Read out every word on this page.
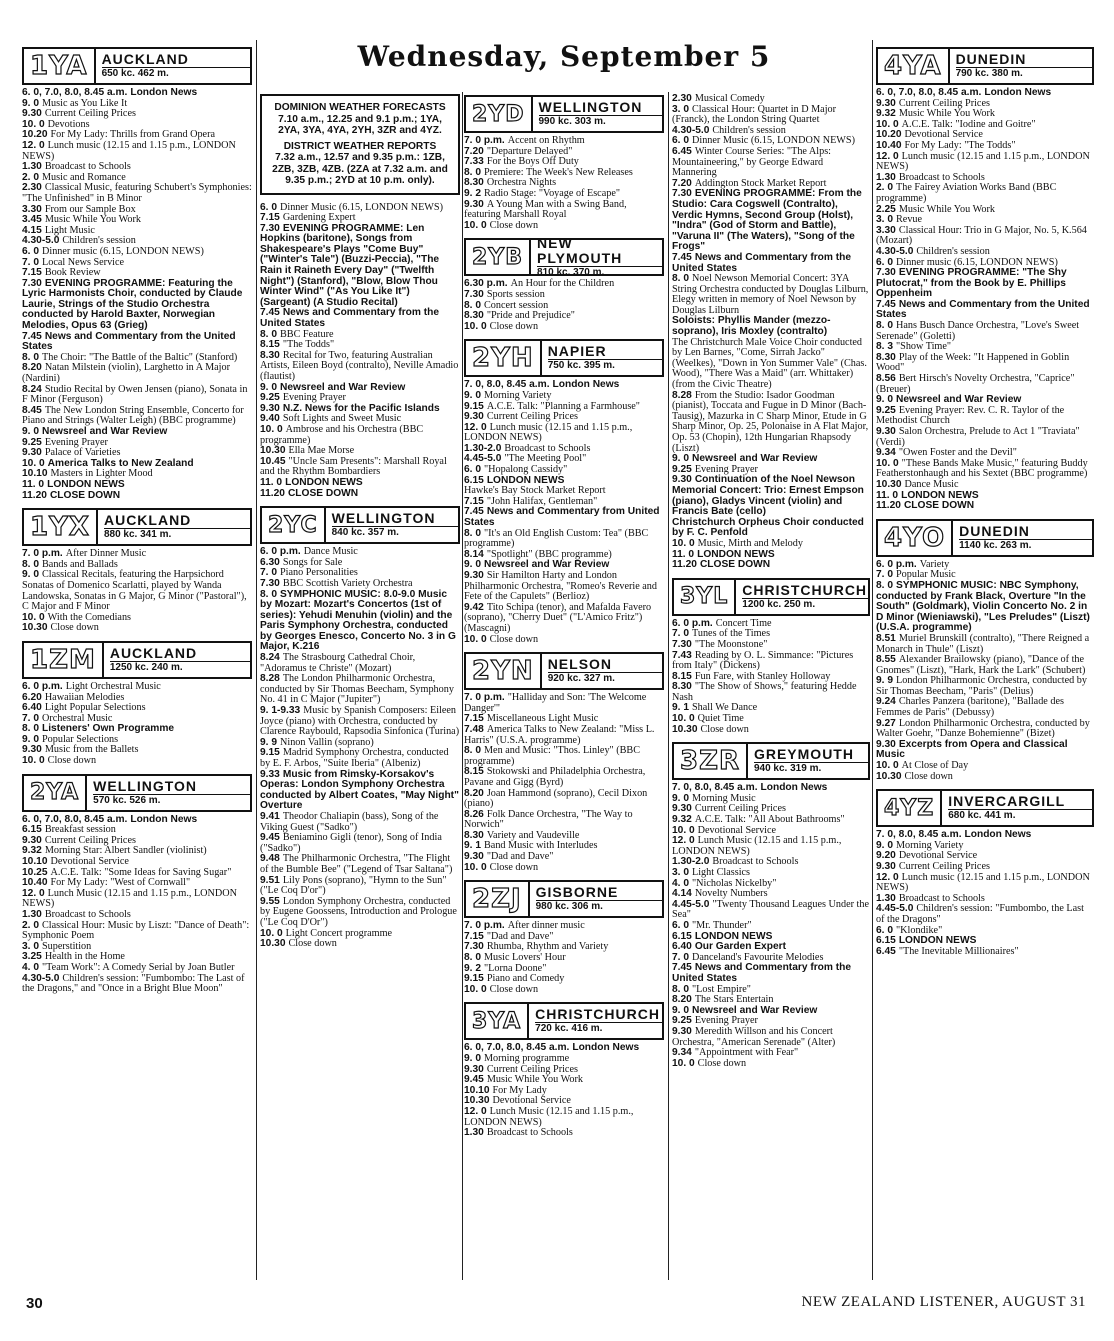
Wednesday, September 5
1YA	AUCKLAND
650 kc. 462 m.

6. 0, 7.0, 8.0, 8.45 a.m. London News

9. 0 Music as You Like It

9.30 Current Ceiling Prices

10. 0 Devotions

10.20 For My Lady: Thrills from Grand Opera

12. 0 Lunch music (12.15 and 1.15 p.m., LONDON NEWS)

1.30 Broadcast to Schools

2. 0 Music and Romance

2.30 Classical Music, featuring Schubert's Symphonies: "The Unfinished" in B Minor

3.30 From our Sample Box

3.45 Music While You Work

4.15 Light Music

4.30-5.0 Children's session

6. 0 Dinner music (6.15, LONDON NEWS)

7. 0 Local News Service

7.15 Book Review

7.30 EVENING PROGRAMME: Featuring the Lyric Harmonists Choir, conducted by Claude Laurie, Strings of the Studio Orchestra conducted by Harold Baxter, Norwegian Melodies, Opus 63 (Grieg)

7.45 News and Commentary from the United States

8. 0 The Choir: "The Battle of the Baltic" (Stanford)

8.20 Natan Milstein (violin), Larghetto in A Major (Nardini)

8.24 Studio Recital by Owen Jensen (piano), Sonata in F Minor (Ferguson)

8.45 The New London String Ensemble, Concerto for Piano and Strings (Walter Leigh) (BBC programme)

9. 0 Newsreel and War Review

9.25 Evening Prayer

9.30 Palace of Varieties

10. 0 America Talks to New Zealand

10.10 Masters in Lighter Mood

11. 0 LONDON NEWS

11.20 CLOSE DOWN

1YX	AUCKLAND
880 kc. 341 m.

7. 0 p.m. After Dinner Music

8. 0 Bands and Ballads

9. 0 Classical Recitals, featuring the Harpsichord Sonatas of Domenico Scarlatti, played by Wanda Landowska, Sonatas in G Major, G Minor ("Pastoral"), C Major and F Minor

10. 0 With the Comedians

10.30 Close down

1ZM	AUCKLAND
1250 kc. 240 m.

6. 0 p.m. Light Orchestral Music

6.20 Hawaiian Melodies

6.40 Light Popular Selections

7. 0 Orchestral Music

8. 0 Listeners' Own Programme

9. 0 Popular Selections

9.30 Music from the Ballets

10. 0 Close down

2YA	WELLINGTON
570 kc. 526 m.

6. 0, 7.0, 8.0, 8.45 a.m. London News

6.15 Breakfast session

9.30 Current Ceiling Prices

9.32 Morning Star: Albert Sandler (violinist)

10.10 Devotional Service

10.25 A.C.E. Talk: "Some Ideas for Saving Sugar"

10.40 For My Lady: "West of Cornwall"

12. 0 Lunch Music (12.15 and 1.15 p.m., LONDON NEWS)

1.30 Broadcast to Schools

2. 0 Classical Hour: Music by Liszt: "Dance of Death": Symphonic Poem

3. 0 Superstition

3.25 Health in the Home

4. 0 "Team Work": A Comedy Serial by Joan Butler

4.30-5.0 Children's session: "Fumbombo: The Last of the Dragons," and "Once in a Bright Blue Moon"

DOMINION WEATHER FORECASTS

7.10 a.m., 12.25 and 9.1 p.m.; 1YA, 2YA, 3YA, 4YA, 2YH, 3ZR and 4YZ.

DISTRICT WEATHER REPORTS

7.32 a.m., 12.57 and 9.35 p.m.: 1ZB, 2ZB, 3ZB, 4ZB. (2ZA at 7.32 a.m. and 9.35 p.m.; 2YD at 10 p.m. only).

6. 0 Dinner Music (6.15, LONDON NEWS)

7.15 Gardening Expert

7.30 EVENING PROGRAMME: Len Hopkins (baritone), Songs from Shakespeare's Plays "Come Buy" ("Winter's Tale") (Buzzi-Peccia), "The Rain it Raineth Every Day" ("Twelfth Night") (Stanford), "Blow, Blow Thou Winter Wind" ("As You Like It") (Sargeant) (A Studio Recital)

7.45 News and Commentary from the United States

8. 0 BBC Feature

8.15 "The Todds"

8.30 Recital for Two, featuring Australian Artists, Eileen Boyd (contralto), Neville Amadio (flautist)

9. 0 Newsreel and War Review

9.25 Evening Prayer

9.30 N.Z. News for the Pacific Islands

9.40 Soft Lights and Sweet Music

10. 0 Ambrose and his Orchestra (BBC programme)

10.30 Ella Mae Morse

10.45 "Uncle Sam Presents": Marshall Royal and the Rhythm Bombardiers

11. 0 LONDON NEWS

11.20 CLOSE DOWN

2YC	WELLINGTON
840 kc. 357 m.

6. 0 p.m. Dance Music

6.30 Songs for Sale

7. 0 Piano Personalities

7.30 BBC Scottish Variety Orchestra

8. 0 SYMPHONIC MUSIC: 8.0-9.0 Music by Mozart: Mozart's Concertos (1st of series): Yehudi Menuhin (violin) and the Paris Symphony Orchestra, conducted by Georges Enesco, Concerto No. 3 in G Major, K.216

8.24 The Strasbourg Cathedral Choir, "Adoramus te Christe" (Mozart)

8.28 The London Philharmonic Orchestra, conducted by Sir Thomas Beecham, Symphony No. 41 in C Major ("Jupiter")

9. 1-9.33 Music by Spanish Composers: Eileen Joyce (piano) with Orchestra, conducted by Clarence Raybould, Rapsodia Sinfonica (Turina)

9. 9 Ninon Vallin (soprano)

9.15 Madrid Symphony Orchestra, conducted by E. F. Arbos, "Suite Iberia" (Albeniz)

9.33 Music from Rimsky-Korsakov's Operas: London Symphony Orchestra conducted by Albert Coates, "May Night" Overture

9.41 Theodor Chaliapin (bass), Song of the Viking Guest ("Sadko")

9.45 Beniamino Gigli (tenor), Song of India ("Sadko")

9.48 The Philharmonic Orchestra, "The Flight of the Bumble Bee" ("Legend of Tsar Saltana")

9.51 Lily Pons (soprano), "Hymn to the Sun" ("Le Coq D'or")

9.55 London Symphony Orchestra, conducted by Eugene Goossens, Introduction and Prologue ("Le Coq D'Or")

10. 0 Light Concert programme

10.30 Close down

2YD	WELLINGTON
990 kc. 303 m.

7. 0 p.m. Accent on Rhythm

7.20 "Departure Delayed"

7.33 For the Boys Off Duty

8. 0 Premiere: The Week's New Releases

8.30 Orchestra Nights

9. 2 Radio Stage: "Voyage of Escape"

9.30 A Young Man with a Swing Band, featuring Marshall Royal

10. 0 Close down

2YB
NEW PLYMOUTH
810 kc. 370 m.

6.30 p.m. An Hour for the Children

7.30 Sports session

8. 0 Concert session

8.30 "Pride and Prejudice"

10. 0 Close down

2YH	NAPIER
750 kc. 395 m.

7. 0, 8.0, 8.45 a.m. London News

9. 0 Morning Variety

9.15 A.C.E. Talk: "Planning a Farmhouse"

9.30 Current Ceiling Prices

12. 0 Lunch music (12.15 and 1.15 p.m., LONDON NEWS)

1.30-2.0 Broadcast to Schools

4.45-5.0 "The Meeting Pool"

6. 0 "Hopalong Cassidy"

6.15 LONDON NEWS

Hawke's Bay Stock Market Report

7.15 "John Halifax, Gentleman"

7.45 News and Commentary from United States

8. 0 "It's an Old English Custom: Tea" (BBC programme)

8.14 "Spotlight" (BBC programme)

9. 0 Newsreel and War Review

9.30 Sir Hamilton Harty and London Philharmonic Orchestra, "Romeo's Reverie and Fete of the Capulets" (Berlioz)

9.42 Tito Schipa (tenor), and Mafalda Favero (soprano), "Cherry Duet" ("L'Amico Fritz") (Mascagni)

10. 0 Close down

2YN	NELSON
920 kc. 327 m.

7. 0 p.m. "Halliday and Son: 'The Welcome Danger'"

7.15 Miscellaneous Light Music

7.48 America Talks to New Zealand: "Miss L. Harris" (U.S.A. programme)

8. 0 Men and Music: "Thos. Linley" (BBC programme)

8.15 Stokowski and Philadelphia Orchestra, Pavane and Gigg (Byrd)

8.20 Joan Hammond (soprano), Cecil Dixon (piano)

8.26 Folk Dance Orchestra, "The Way to Norwich"

8.30 Variety and Vaudeville

9. 1 Band Music with Interludes

9.30 "Dad and Dave"

10. 0 Close down

2ZJ	GISBORNE
980 kc. 306 m.

7. 0 p.m. After dinner music

7.15 "Dad and Dave"

7.30 Rhumba, Rhythm and Variety

8. 0 Music Lovers' Hour

9. 2 "Lorna Doone"

9.15 Piano and Comedy

10. 0 Close down

3YA	CHRISTCHURCH
720 kc. 416 m.

6. 0, 7.0, 8.0, 8.45 a.m. London News

9. 0 Morning programme

9.30 Current Ceiling Prices

9.45 Music While You Work

10.10 For My Lady

10.30 Devotional Service

12. 0 Lunch Music (12.15 and 1.15 p.m., LONDON NEWS)

1.30 Broadcast to Schools

2.30 Musical Comedy

3. 0 Classical Hour: Quartet in D Major (Franck), the London String Quartet

4.30-5.0 Children's session

6. 0 Dinner Music (6.15, LONDON NEWS)

6.45 Winter Course Series: "The Alps: Mountaineering," by George Edward Mannering

7.20 Addington Stock Market Report

7.30 EVENING PROGRAMME: From the Studio: Cara Cogswell (Contralto), Verdic Hymns, Second Group (Holst), "Indra" (God of Storm and Battle), "Varuna II" (The Waters), "Song of the Frogs"

7.45 News and Commentary from the United States

8. 0 Noel Newson Memorial Concert: 3YA String Orchestra conducted by Douglas Lilburn, Elegy written in memory of Noel Newson by Douglas Lilburn

Soloists: Phyllis Mander (mezzo-soprano), Iris Moxley (contralto)

The Christchurch Male Voice Choir conducted by Len Barnes, "Come, Sirrah Jacko" (Weelkes), "Down in Yon Summer Vale" (Chas. Wood), "There Was a Maid" (arr. Whittaker) (from the Civic Theatre)

8.28 From the Studio: Isador Goodman (pianist), Toccata and Fugue in D Minor (Bach-Tausig), Mazurka in C Sharp Minor, Etude in G Sharp Minor, Op. 25, Polonaise in A Flat Major, Op. 53 (Chopin), 12th Hungarian Rhapsody (Liszt)

9. 0 Newsreel and War Review

9.25 Evening Prayer

9.30 Continuation of the Noel Newson Memorial Concert: Trio: Ernest Empson (piano), Gladys Vincent (violin) and Francis Bate (cello)

Christchurch Orpheus Choir conducted by F. C. Penfold

10. 0 Music, Mirth and Melody

11. 0 LONDON NEWS

11.20 CLOSE DOWN

3YL	CHRISTCHURCH
1200 kc. 250 m.

6. 0 p.m. Concert Time

7. 0 Tunes of the Times

7.30 "The Moonstone"

7.43 Reading by O. L. Simmance: "Pictures from Italy" (Dickens)

8.15 Fun Fare, with Stanley Holloway

8.30 "The Show of Shows," featuring Hedde Nash

9. 1 Shall We Dance

10. 0 Quiet Time

10.30 Close down

3ZR	GREYMOUTH
940 kc. 319 m.

7. 0, 8.0, 8.45 a.m. London News

9. 0 Morning Music

9.30 Current Ceiling Prices

9.32 A.C.E. Talk: "All About Bathrooms"

10. 0 Devotional Service

12. 0 Lunch Music (12.15 and 1.15 p.m., LONDON NEWS)

1.30-2.0 Broadcast to Schools

3. 0 Light Classics

4. 0 "Nicholas Nickelby"

4.14 Novelty Numbers

4.45-5.0 "Twenty Thousand Leagues Under the Sea"

6. 0 "Mr. Thunder"

6.15 LONDON NEWS

6.40 Our Garden Expert

7. 0 Danceland's Favourite Melodies

7.45 News and Commentary from the United States

8. 0 "Lost Empire"

8.20 The Stars Entertain

9. 0 Newsreel and War Review

9.25 Evening Prayer

9.30 Meredith Willson and his Concert Orchestra, "American Serenade" (Alter)

9.34 "Appointment with Fear"

10. 0 Close down

4YA	DUNEDIN
790 kc. 380 m.

6. 0, 7.0, 8.0, 8.45 a.m. London News

9.30 Current Ceiling Prices

9.32 Music While You Work

10. 0 A.C.E. Talk: "Iodine and Goitre"

10.20 Devotional Service

10.40 For My Lady: "The Todds"

12. 0 Lunch music (12.15 and 1.15 p.m., LONDON NEWS)

1.30 Broadcast to Schools

2. 0 The Fairey Aviation Works Band (BBC programme)

2.25 Music While You Work

3. 0 Revue

3.30 Classical Hour: Trio in G Major, No. 5, K.564 (Mozart)

4.30-5.0 Children's session

6. 0 Dinner music (6.15, LONDON NEWS)

7.30 EVENING PROGRAMME: "The Shy Plutocrat," from the Book by E. Phillips Oppenheim

7.45 News and Commentary from the United States

8. 0 Hans Busch Dance Orchestra, "Love's Sweet Serenade" (Goletti)

8. 3 "Show Time"

8.30 Play of the Week: "It Happened in Goblin Wood"

8.56 Bert Hirsch's Novelty Orchestra, "Caprice" (Breuer)

9. 0 Newsreel and War Review

9.25 Evening Prayer: Rev. C. R. Taylor of the Methodist Church

9.30 Salon Orchestra, Prelude to Act 1 "Traviata" (Verdi)

9.34 "Owen Foster and the Devil"

10. 0 "These Bands Make Music," featuring Buddy Featherstonhaugh and his Sextet (BBC programme)

10.30 Dance Music

11. 0 LONDON NEWS

11.20 CLOSE DOWN

4YO	DUNEDIN
1140 kc. 263 m.

6. 0 p.m. Variety

7. 0 Popular Music

8. 0 SYMPHONIC MUSIC: NBC Symphony, conducted by Frank Black, Overture "In the South" (Goldmark), Violin Concerto No. 2 in D Minor (Wieniawski), "Les Preludes" (Liszt) (U.S.A. programme)

8.51 Muriel Brunskill (contralto), "There Reigned a Monarch in Thule" (Liszt)

8.55 Alexander Brailowsky (piano), "Dance of the Gnomes" (Liszt), "Hark, Hark the Lark" (Schubert)

9. 9 London Philharmonic Orchestra, conducted by Sir Thomas Beecham, "Paris" (Delius)

9.24 Charles Panzera (baritone), "Ballade des Femmes de Paris" (Debussy)

9.27 London Philharmonic Orchestra, conducted by Walter Goehr, "Danze Bohemienne" (Bizet)

9.30 Excerpts from Opera and Classical Music

10. 0 At Close of Day

10.30 Close down

4YZ	INVERCARGILL
680 kc. 441 m.

7. 0, 8.0, 8.45 a.m. London News

9. 0 Morning Variety

9.20 Devotional Service

9.30 Current Ceiling Prices

12. 0 Lunch music (12.15 and 1.15 p.m., LONDON NEWS)

1.30 Broadcast to Schools

4.45-5.0 Children's session: "Fumbombo, the Last of the Dragons"

6. 0 "Klondike"

6.15 LONDON NEWS

6.45 "The Inevitable Millionaires"

30	NEW ZEALAND LISTENER, AUGUST 31
